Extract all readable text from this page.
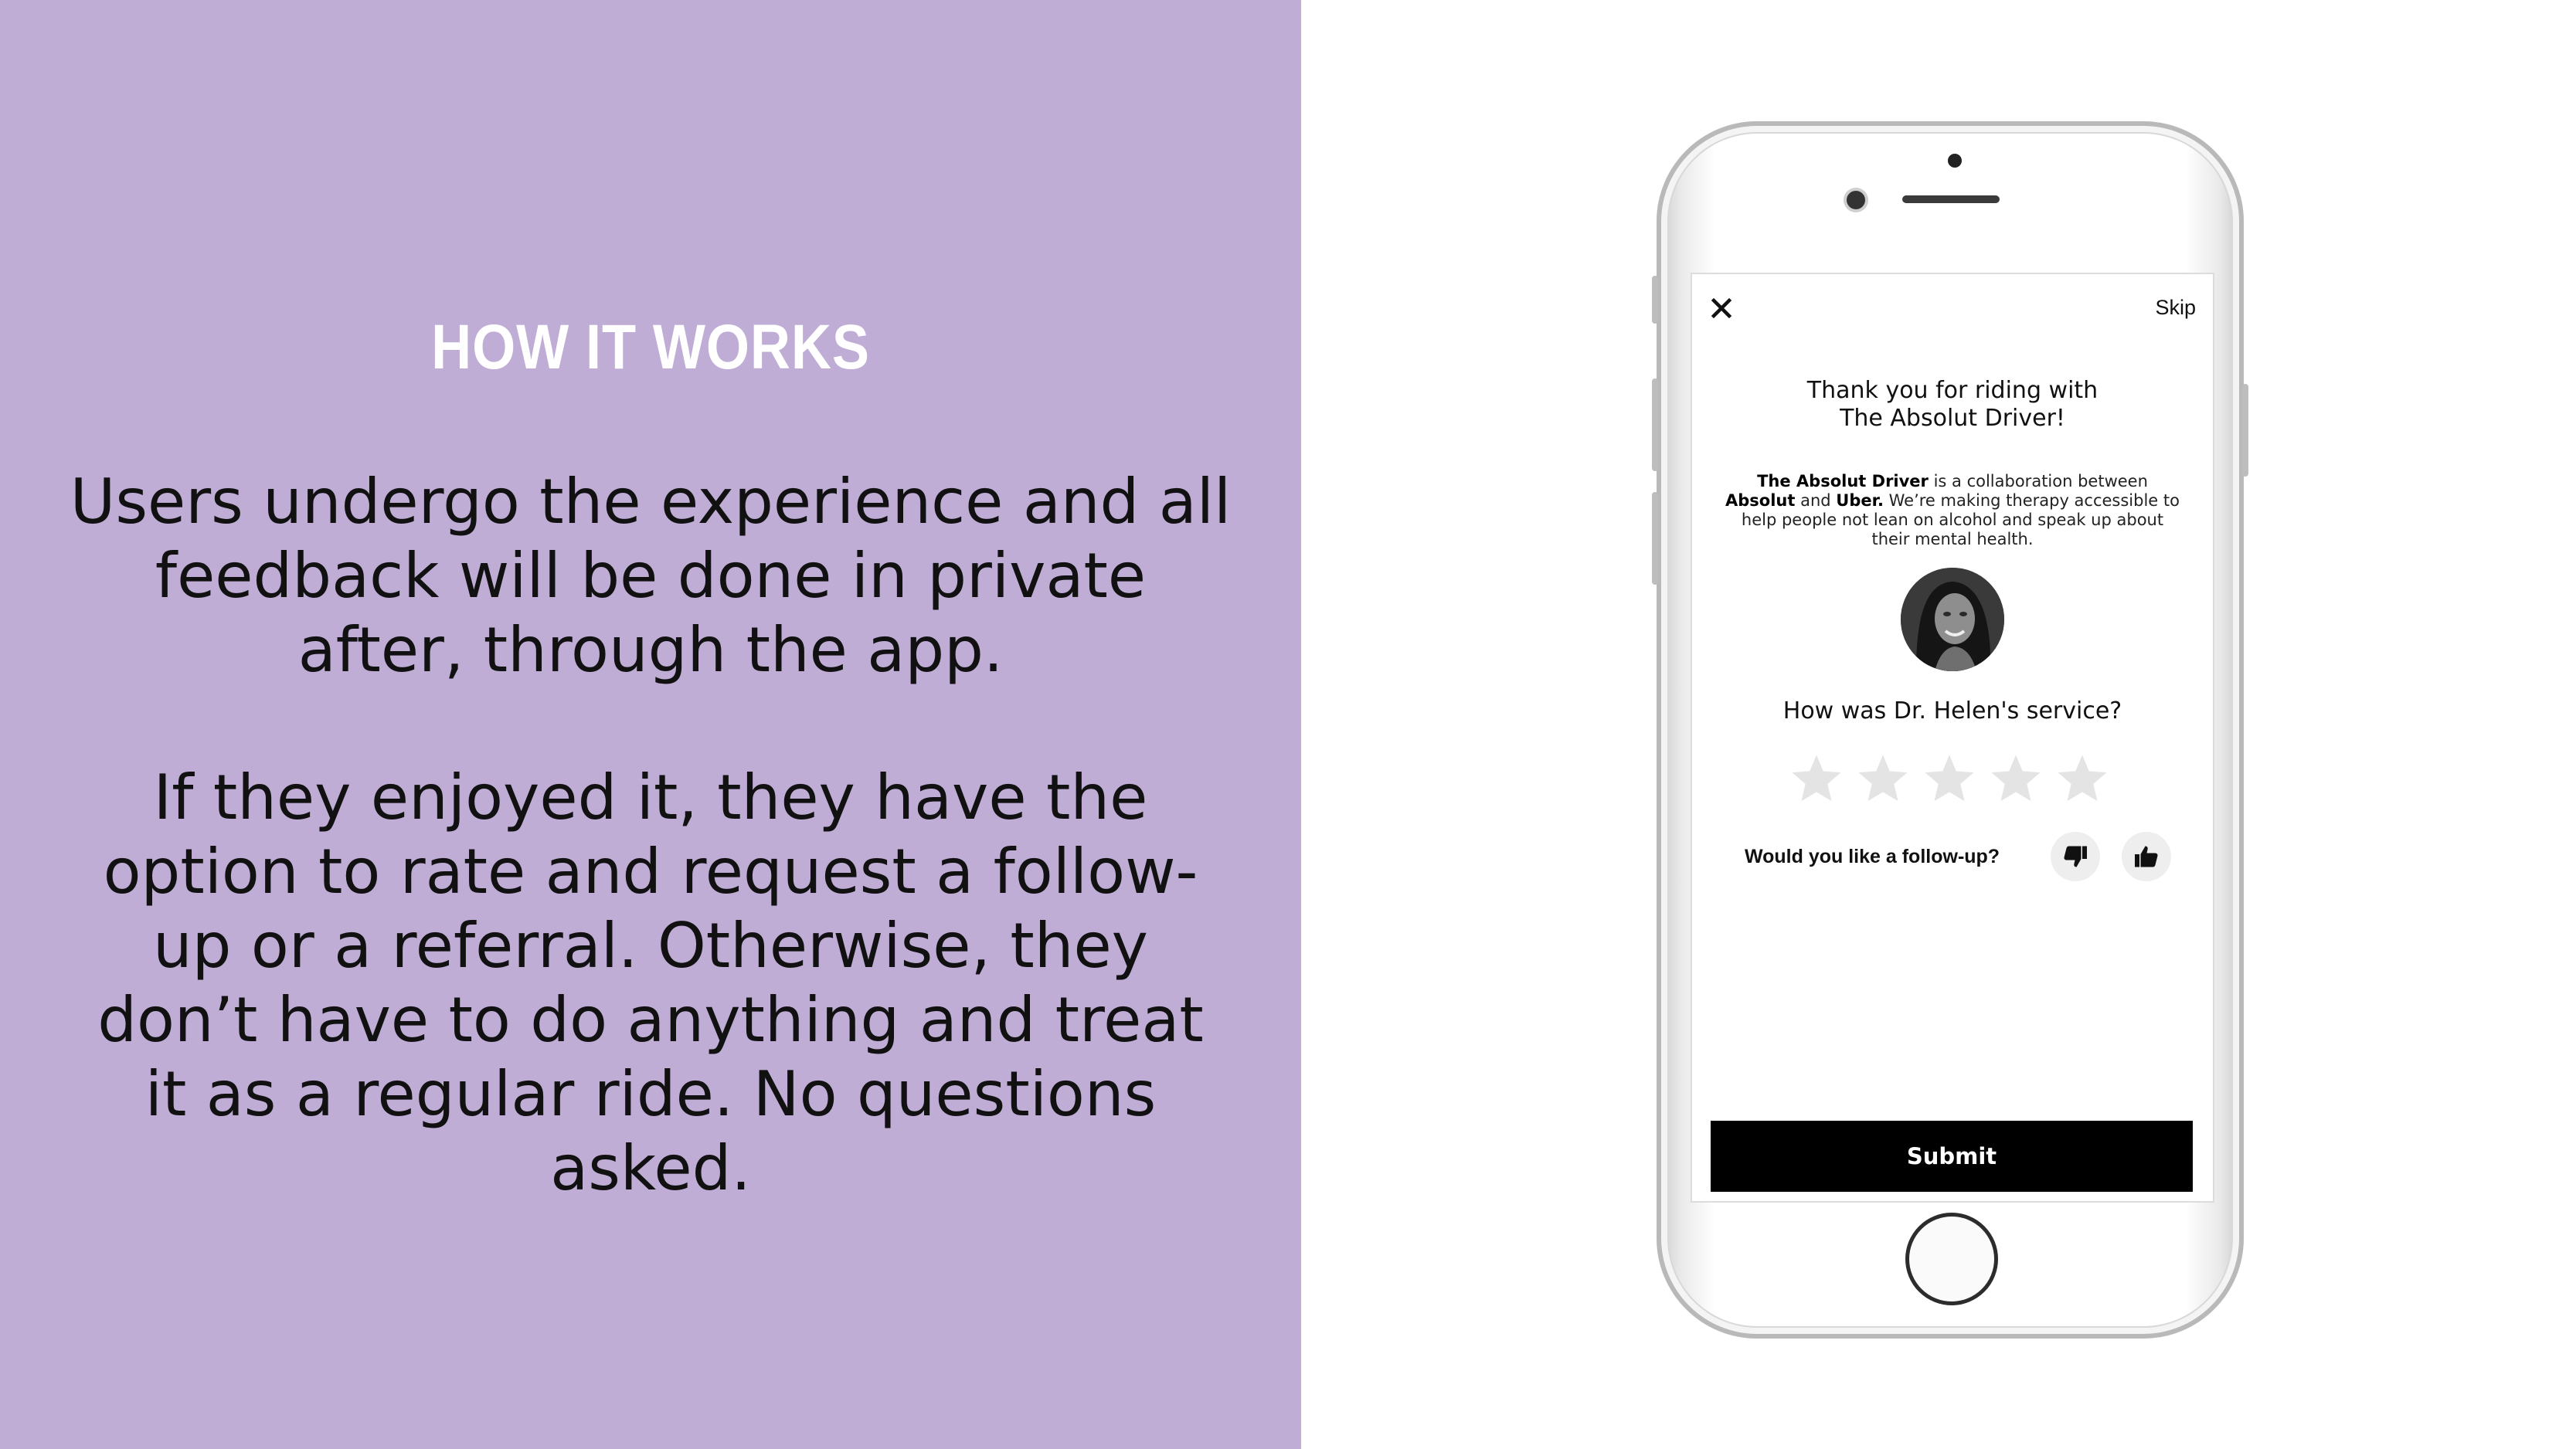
HOW IT WORKS
Users undergo the experience and all feedback will be done in private after, through the app.
If they enjoyed it, they have the option to rate and request a follow-up or a referral. Otherwise, they don’t have to do anything and treat it as a regular ride. No questions asked.
Skip
Thank you for riding with
The Absolut Driver!
The Absolut Driver is a collaboration between Absolut and Uber. We’re making therapy accessible to help people not lean on alcohol and speak up about their mental health.
How was Dr. Helen's service?
Would you like a follow-up?
Submit
